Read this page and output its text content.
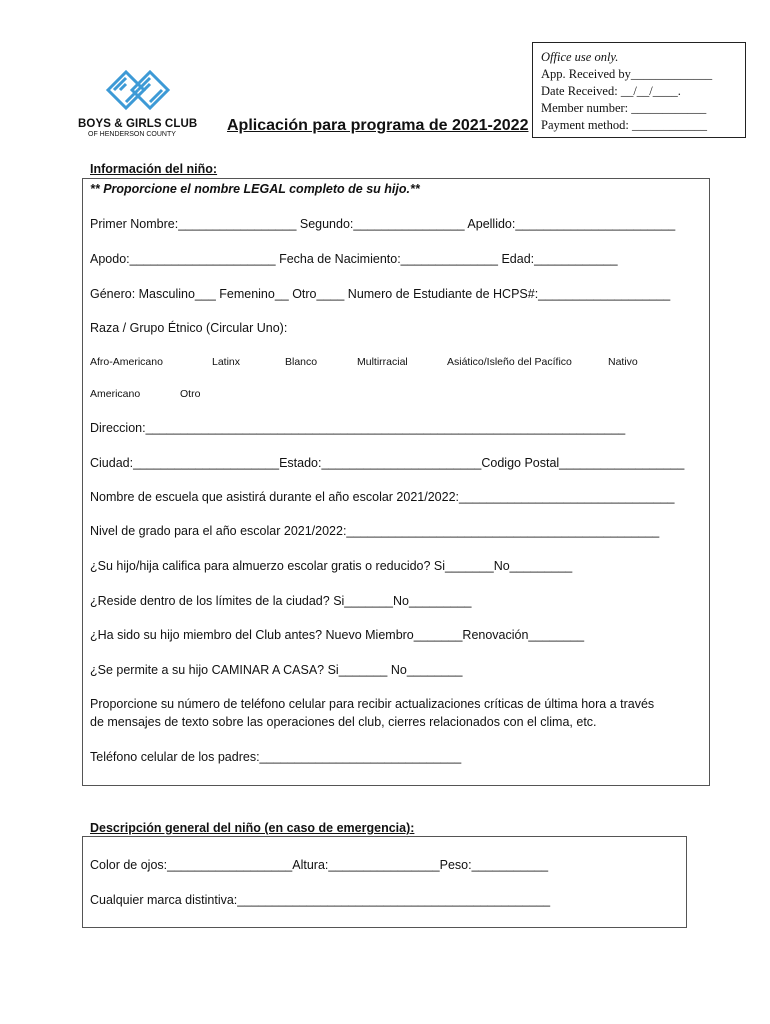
BOYS & GIRLS CLUB
OF HENDERSON COUNTY
Aplicación para programa de 2021-2022
Office use only.
App. Received by_____________
Date Received: __/__/____.
Member number: ____________
Payment method: ____________
Información del niño:
** Proporcione el nombre LEGAL completo de su hijo.**
Primer Nombre:_________________ Segundo:________________ Apellido:_______________________
Apodo:_____________________ Fecha de Nacimiento:______________ Edad:____________
Género: Masculino___ Femenino__ Otro____ Numero de Estudiante de HCPS#:___________________
Raza / Grupo Étnico (Circular Uno):
Afro-Americano	Latinx	Blanco	Multirracial	Asiático/Isleño del Pacífico	Nativo
Americano	Otro
Direccion:_____________________________________________________________________
Ciudad:_____________________Estado:_______________________Codigo Postal__________________
Nombre de escuela que asistirá durante el año escolar 2021/2022:_______________________________
Nivel de grado para el año escolar 2021/2022:_____________________________________________
¿Su hijo/hija califica para almuerzo escolar gratis o reducido? Si_______No_________
¿Reside dentro de los límites de la ciudad? Si_______No_________
¿Ha sido su hijo miembro del Club antes? Nuevo Miembro_______Renovación________
¿Se permite a su hijo CAMINAR A CASA? Si_______ No________
Proporcione su número de teléfono celular para recibir actualizaciones críticas de última hora a través
de mensajes de texto sobre las operaciones del club, cierres relacionados con el clima, etc.
Teléfono celular de los padres:_____________________________
Descripción general del niño (en caso de emergencia):
Color de ojos:__________________Altura:________________Peso:___________
Cualquier marca distintiva:_____________________________________________
